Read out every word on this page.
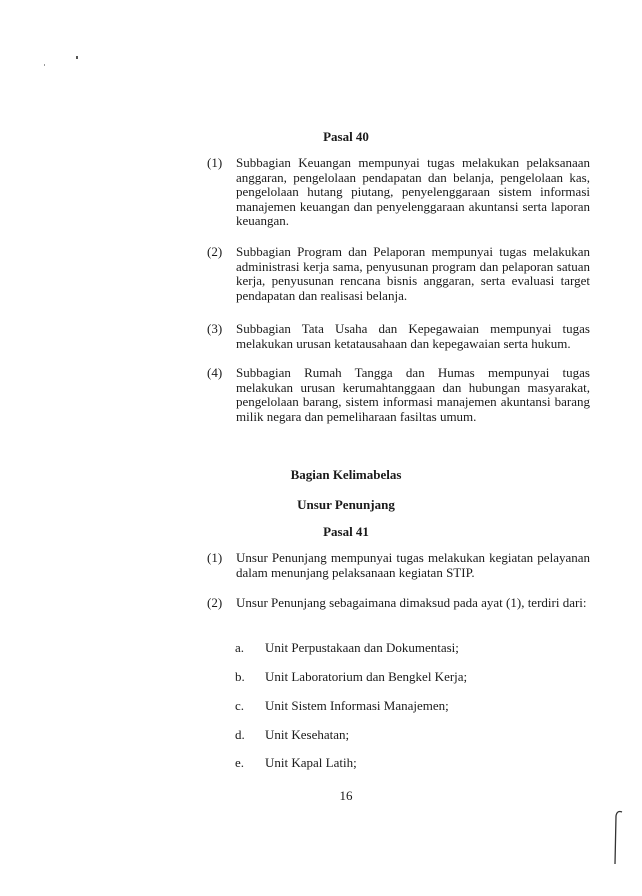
Pasal 40
(1)	Subbagian Keuangan mempunyai tugas melakukan pelaksanaan anggaran, pengelolaan pendapatan dan belanja, pengelolaan kas, pengelolaan hutang piutang, penyelenggaraan sistem informasi manajemen keuangan dan penyelenggaraan akuntansi serta laporan keuangan.
(2)	Subbagian Program dan Pelaporan mempunyai tugas melakukan administrasi kerja sama, penyusunan program dan pelaporan satuan kerja, penyusunan rencana bisnis anggaran, serta evaluasi target pendapatan dan realisasi belanja.
(3)	Subbagian Tata Usaha dan Kepegawaian mempunyai tugas melakukan urusan ketatausahaan dan kepegawaian serta hukum.
(4)	Subbagian Rumah Tangga dan Humas mempunyai tugas melakukan urusan kerumahtanggaan dan hubungan masyarakat, pengelolaan barang, sistem informasi manajemen akuntansi barang milik negara dan pemeliharaan fasiltas umum.
Bagian Kelimabelas
Unsur Penunjang
Pasal 41
(1)	Unsur Penunjang mempunyai tugas melakukan kegiatan pelayanan dalam menunjang pelaksanaan kegiatan STIP.
(2)	Unsur Penunjang sebagaimana dimaksud pada ayat (1), terdiri dari:
a. Unit Perpustakaan dan Dokumentasi;
b. Unit Laboratorium dan Bengkel Kerja;
c. Unit Sistem Informasi Manajemen;
d. Unit Kesehatan;
e. Unit Kapal Latih;
16
